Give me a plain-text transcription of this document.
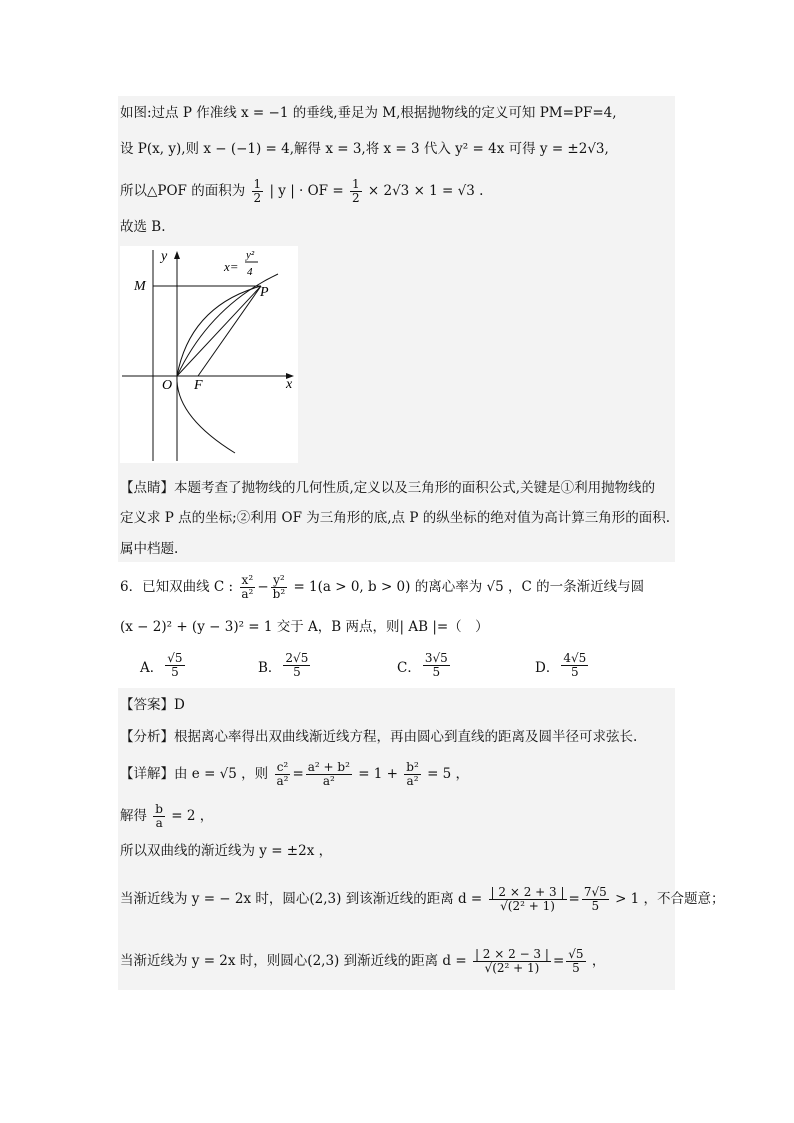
如图:过点 P 作准线 x = −1 的垂线,垂足为 M,根据抛物线的定义可知 PM=PF=4,
设 P(x, y),则 x − (−1) = 4,解得 x = 3,将 x = 3 代入 y² = 4x 可得 y = ±2√3,
所以△POF 的面积为 $\frac{1}{2}$ | y | · OF = $\frac{1}{2} \times 2√3 \times 1 = √3$ .
故选 B.
y
x
M	P
O F
x=
y²
4
【点睛】本题考查了抛物线的几何性质,定义以及三角形的面积公式,关键是①利用抛物线的
定义求 P 点的坐标;②利用 OF 为三角形的底,点 P 的纵坐标的绝对值为高计算三角形的面积.
属中档题.
6．已知双曲线 C : $\frac{\text{x²}}{\text{a²}} - \frac{\text{y²}}{\text{b²}} = 1(a > 0$, b > 0) 的离心率为 √5 ，C 的一条渐近线与圆
(x − 2)² + (y − 3)² = 1 交于 A，B 两点，则| AB |=（　）
A． $\frac{√5}{5}$	B． $\frac{2√5}{5}$	C． $\frac{3√5}{5}$	D． $\frac{4√5}{5}$
【答案】D
【分析】根据离心率得出双曲线渐近线方程，再由圆心到直线的距离及圆半径可求弦长.
【详解】由 e = √5 ，则 $\frac{\text{c²}}{\text{a²}} = \frac{\text{a² + b²}}{\text{a²}} = 1 + \frac{\text{b²}}{\text{a²}} = 5$ ，
解得 $\frac{b}{a} = 2$ ，
所以双曲线的渐近线为 y = ±2x ，
当渐近线为 y = − 2x 时，圆心(2,3) 到该渐近线的距离 $d = \frac{| 2 \times 2 + 3 |}{\text{√(2² + 1)}} = \frac{7√5}{5} > 1$ ，不合题意；
当渐近线为 y = 2x 时，则圆心(2,3) 到渐近线的距离 $d = \frac{| 2 \times 2 - 3 |}{\text{√(2² + 1)}} = \frac{√5}{5}$ ，
